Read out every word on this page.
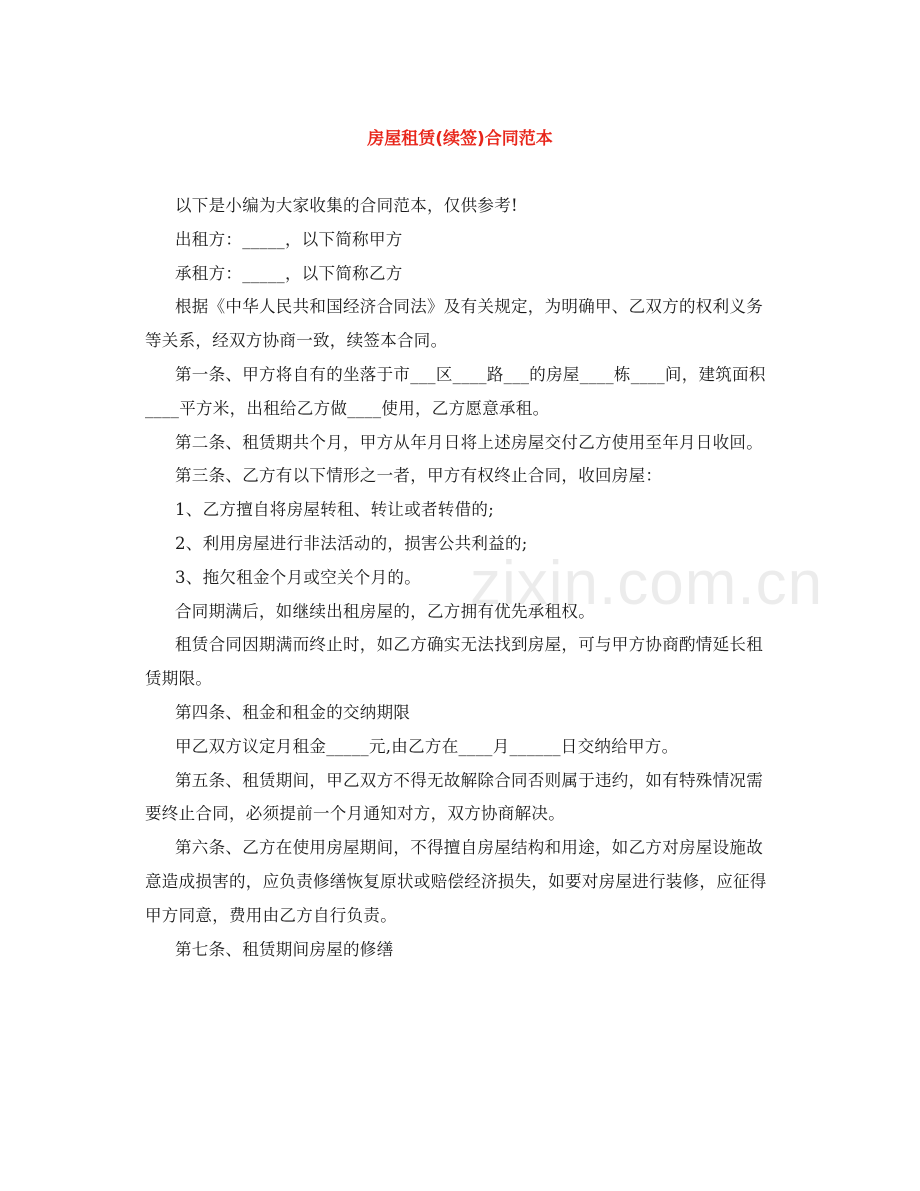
zixin.com.cn
房屋租赁(续签)合同范本

以下是小编为大家收集的合同范本，仅供参考!

出租方：_____，以下简称甲方

承租方：_____，以下简称乙方

根据《中华人民共和国经济合同法》及有关规定，为明确甲、乙双方的权利义务等关系，经双方协商一致，续签本合同。

第一条、甲方将自有的坐落于市___区____路___的房屋____栋____间，建筑面积____平方米，出租给乙方做____使用，乙方愿意承租。

第二条、租赁期共个月，甲方从年月日将上述房屋交付乙方使用至年月日收回。

第三条、乙方有以下情形之一者，甲方有权终止合同，收回房屋：

1、乙方擅自将房屋转租、转让或者转借的;

2、利用房屋进行非法活动的，损害公共利益的;

3、拖欠租金个月或空关个月的。

合同期满后，如继续出租房屋的，乙方拥有优先承租权。

租赁合同因期满而终止时，如乙方确实无法找到房屋，可与甲方协商酌情延长租赁期限。

第四条、租金和租金的交纳期限

甲乙双方议定月租金_____元,由乙方在____月______日交纳给甲方。

第五条、租赁期间，甲乙双方不得无故解除合同否则属于违约，如有特殊情况需要终止合同，必须提前一个月通知对方，双方协商解决。

第六条、乙方在使用房屋期间，不得擅自房屋结构和用途，如乙方对房屋设施故意造成损害的，应负责修缮恢复原状或赔偿经济损失，如要对房屋进行装修，应征得甲方同意，费用由乙方自行负责。

第七条、租赁期间房屋的修缮
